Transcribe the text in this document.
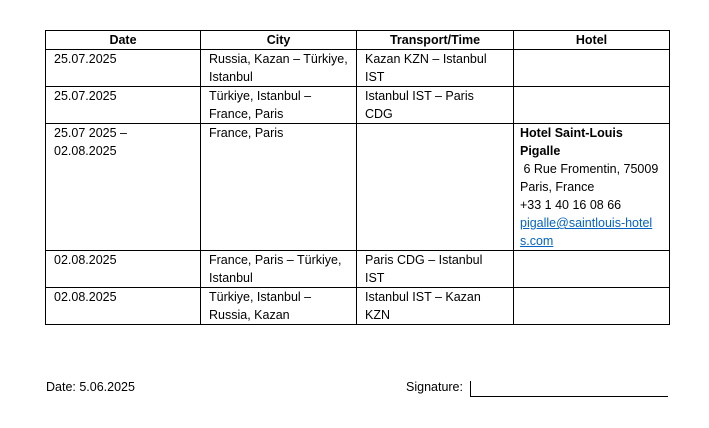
Date	City	Transport/Time	Hotel
25.07.2025	Russia, Kazan – Türkiye, Istanbul	Kazan KZN – Istanbul IST	
25.07.2025	Türkiye, Istanbul – France, Paris	Istanbul IST – Paris CDG	
25.07 2025 – 02.08.2025	France, Paris		Hotel Saint-Louis Pigalle
6 Rue Fromentin, 75009 Paris, France
+33 1 40 16 08 66
pigalle@saintlouis-hotels.com

02.08.2025	France, Paris – Türkiye, Istanbul	Paris CDG – Istanbul IST	
02.08.2025	Türkiye, Istanbul – Russia, Kazan	Istanbul IST – Kazan KZN	
Date: 5.06.2025	Signature:
